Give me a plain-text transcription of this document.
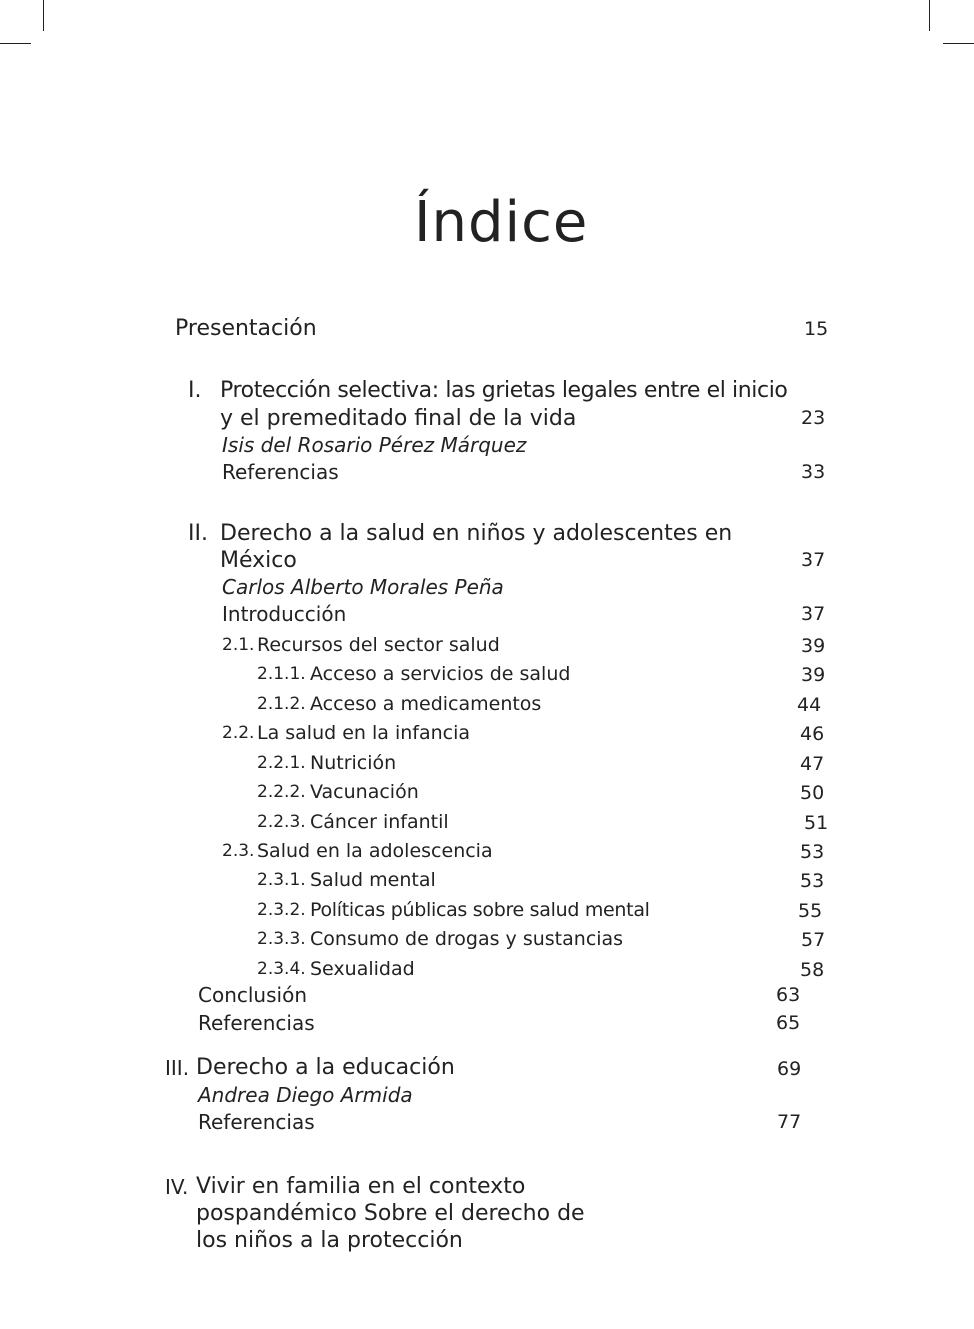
Índice
Presentación	15
I. Protección selectiva: las grietas legales entre el inicio
y el premeditado final de la vida	23
Isis del Rosario Pérez Márquez
Referencias	33
II. Derecho a la salud en niños y adolescentes en
México	37
Carlos Alberto Morales Peña
Introducción	37
2.1. Recursos del sector salud	39
2.1.1. Acceso a servicios de salud	39
2.1.2. Acceso a medicamentos	44
2.2. La salud en la infancia	46
2.2.1. Nutrición	47
2.2.2. Vacunación	50
2.2.3. Cáncer infantil	51
2.3. Salud en la adolescencia	53
2.3.1. Salud mental	53
2.3.2. Políticas públicas sobre salud mental	55
2.3.3. Consumo de drogas y sustancias	57
2.3.4. Sexualidad	58
Conclusión	63
Referencias	65
III. Derecho a la educación	69
Andrea Diego Armida
Referencias	77
IV. Vivir en familia en el contexto
pospandémico Sobre el derecho de
los niños a la protección
